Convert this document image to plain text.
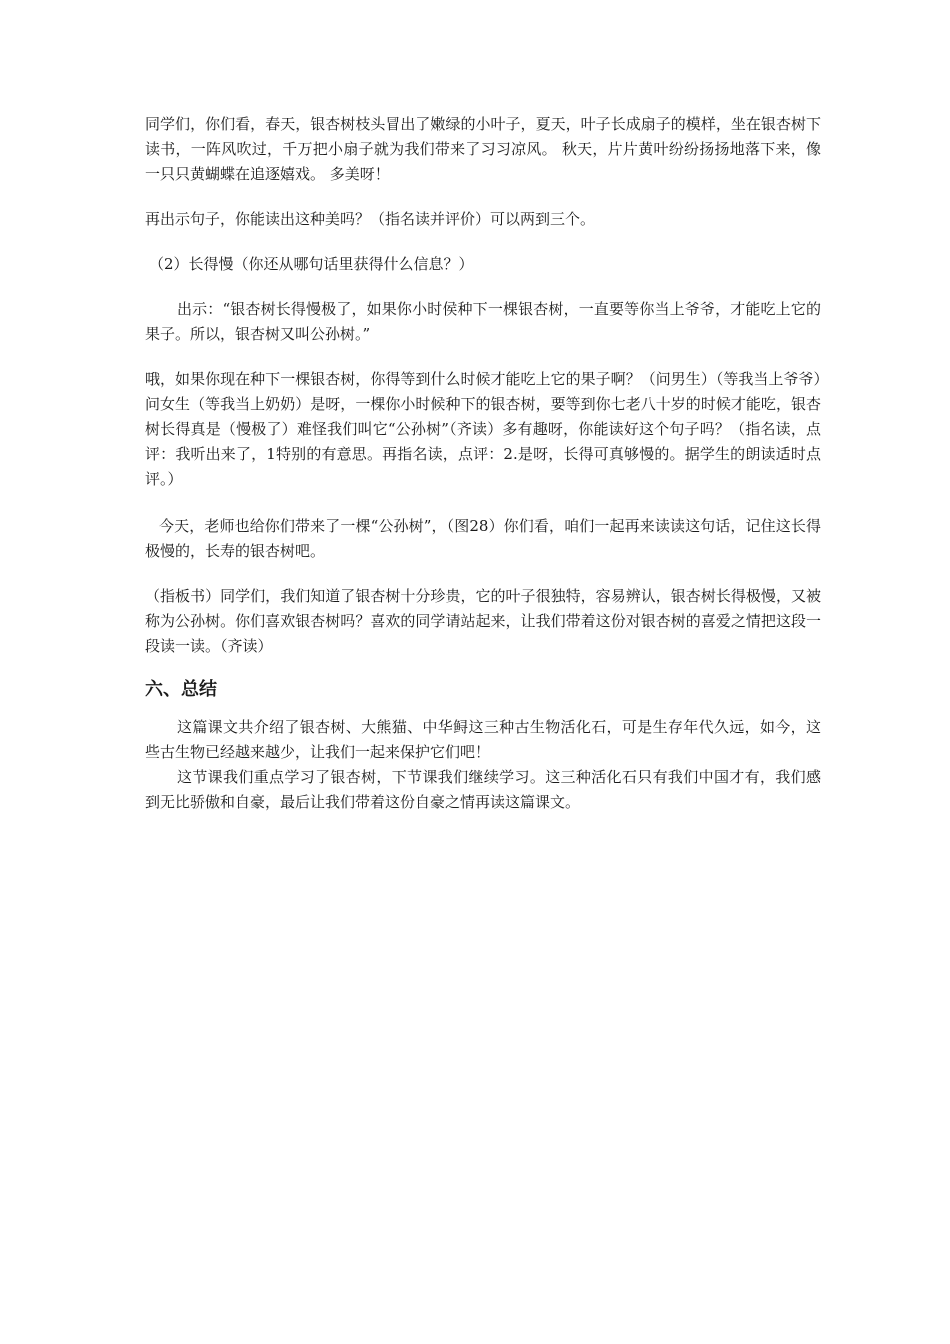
同学们，你们看，春天，银杏树枝头冒出了嫩绿的小叶子，夏天，叶子长成扇子的模样，坐在银杏树下读书，一阵风吹过，千万把小扇子就为我们带来了习习凉风。 秋天，片片黄叶纷纷扬扬地落下来，像一只只黄蝴蝶在追逐嬉戏。 多美呀！

再出示句子，你能读出这种美吗？（指名读并评价）可以两到三个。

（2）长得慢（你还从哪句话里获得什么信息？）

出示：“银杏树长得慢极了，如果你小时侯种下一棵银杏树，一直要等你当上爷爷，才能吃上它的果子。所以，银杏树又叫公孙树。”

哦，如果你现在种下一棵银杏树，你得等到什么时候才能吃上它的果子啊？（问男生）（等我当上爷爷）问女生（等我当上奶奶）是呀，一棵你小时候种下的银杏树，要等到你七老八十岁的时候才能吃，银杏树长得真是（慢极了）难怪我们叫它“公孙树”（齐读）多有趣呀，你能读好这个句子吗？（指名读，点评：我听出来了，1特别的有意思。再指名读，点评：2.是呀，长得可真够慢的。据学生的朗读适时点评。）

今天，老师也给你们带来了一棵“公孙树”，（图28）你们看，咱们一起再来读读这句话，记住这长得极慢的，长寿的银杏树吧。

（指板书）同学们，我们知道了银杏树十分珍贵，它的叶子很独特，容易辨认，银杏树长得极慢，又被称为公孙树。你们喜欢银杏树吗？喜欢的同学请站起来，让我们带着这份对银杏树的喜爱之情把这段一段读一读。（齐读）

六、总结

这篇课文共介绍了银杏树、大熊猫、中华鲟这三种古生物活化石，可是生存年代久远，如今，这些古生物已经越来越少，让我们一起来保护它们吧！

这节课我们重点学习了银杏树，下节课我们继续学习。这三种活化石只有我们中国才有，我们感到无比骄傲和自豪，最后让我们带着这份自豪之情再读这篇课文。
